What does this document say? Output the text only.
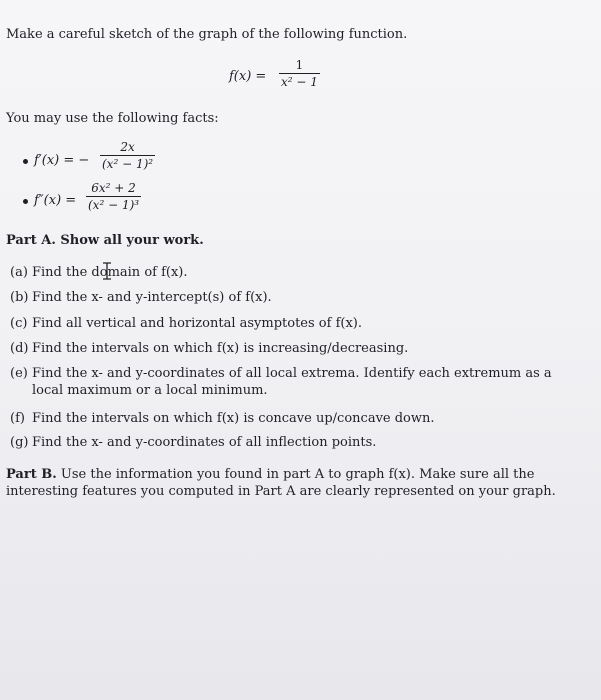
Make a careful sketch of the graph of the following function.
$f(x) = \frac{1}{\text{x² − 1}}$
You may use the following facts:
f′(x) = − $\frac{2x}{\text{(x² − 1)²}}$
$f''(x) = \frac{\text{6x² + 2}}{\text{(x² − 1)³}}$
Part A. Show all your work.
(a) Find the domain of f(x).
(b) Find the x- and y-intercept(s) of f(x).
(c) Find all vertical and horizontal asymptotes of f(x).
(d) Find the intervals on which f(x) is increasing/decreasing.
(e) Find the x- and y-coordinates of all local extrema. Identify each extremum as a
local maximum or a local minimum.
(f) Find the intervals on which f(x) is concave up/concave down.
(g) Find the x- and y-coordinates of all inflection points.
Part B. Use the information you found in part A to graph f(x). Make sure all the
interesting features you computed in Part A are clearly represented on your graph.
